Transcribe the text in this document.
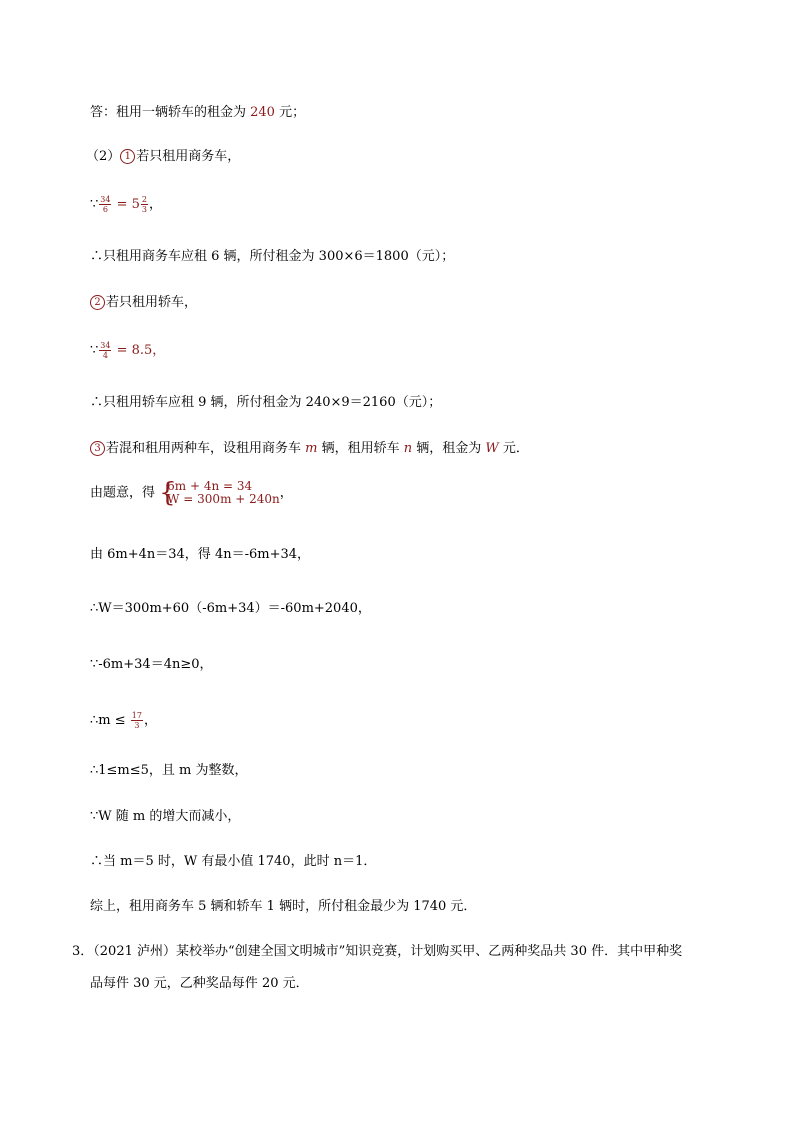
答：租用一辆轿车的租金为 240 元；
（2） 1 若只租用商务车，
∵ $\frac{34}{6} = 5 \frac{2}{3}$ ，
∴只租用商务车应租 6 辆，所付租金为 300×6＝1800（元）；
2 若只租用轿车，
∵ $\frac{34}{4} = 8.5$，
∴只租用轿车应租 9 辆，所付租金为 240×9＝2160（元）；
3 若混和租用两种车，设租用商务车 m 辆，租用轿车 n 辆，租金为 W 元．
由题意，得 {
6m + 4n = 34
W = 300m + 240n ，
由 6m+4n＝34，得 4n＝-6m+34，
∴W＝300m+60（-6m+34）＝-60m+2040，
∵-6m+34＝4n≥0，
∴m ≤ $\frac{17}{3}$ ，
∴1≤m≤5，且 m 为整数，
∵W 随 m 的增大而减小，
∴当 m＝5 时，W 有最小值 1740，此时 n＝1．
综上，租用商务车 5 辆和轿车 1 辆时，所付租金最少为 1740 元．
3．（2021 泸州）某校举办“创建全国文明城市”知识竞赛，计划购买甲、乙两种奖品共 30 件．其中甲种奖
品每件 30 元，乙种奖品每件 20 元．
